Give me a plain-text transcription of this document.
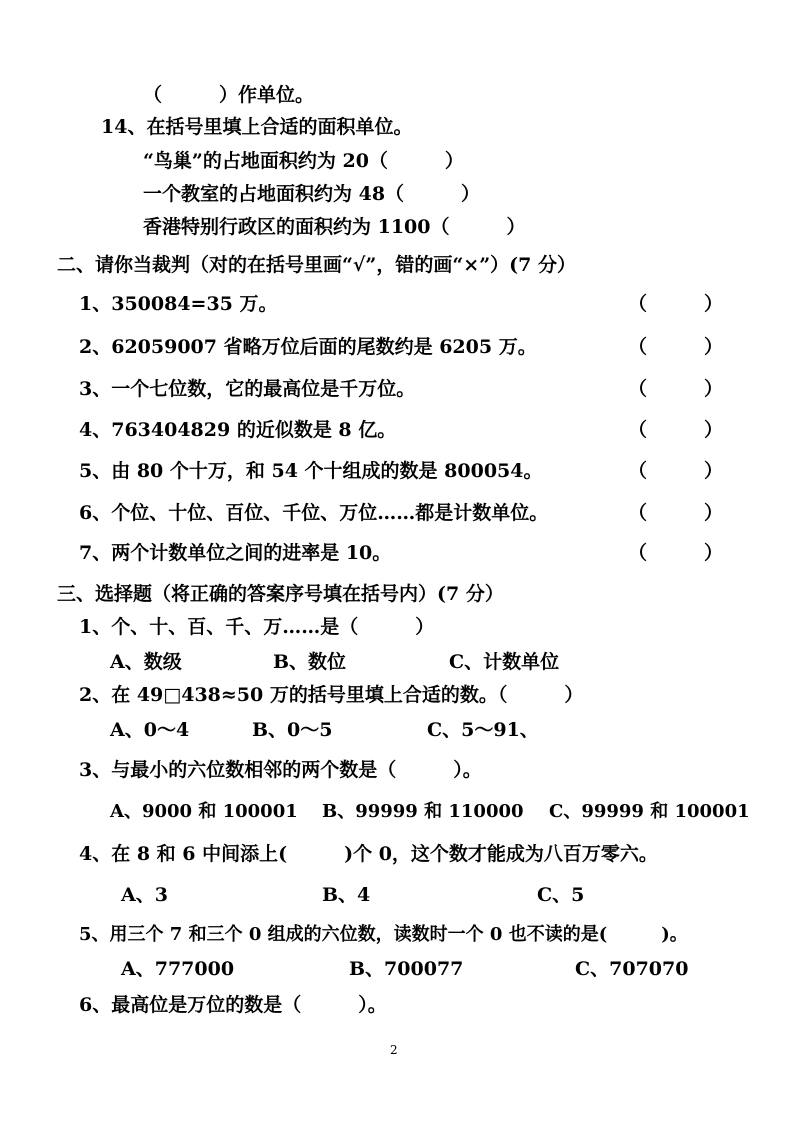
（　　　）作单位。
14、在括号里填上合适的面积单位。
“鸟巢”的占地面积约为 20（　　　）
一个教室的占地面积约为 48（　　　）
香港特别行政区的面积约为 1100（　　　）
二、请你当裁判（对的在括号里画“√”，错的画“×”）(7 分）
1、350084=35 万。	（　　　）
2、62059007 省略万位后面的尾数约是 6205 万。	（　　　）
3、一个七位数，它的最高位是千万位。	（　　　）
4、763404829 的近似数是 8 亿。	（　　　）
5、由 80 个十万，和 54 个十组成的数是 800054。	（　　　）
6、个位、十位、百位、千位、万位……都是计数单位。	（　　　）
7、两个计数单位之间的进率是 10。	（　　　）
三、选择题（将正确的答案序号填在括号内）(7 分）
1、个、十、百、千、万……是（　　　）
A、数级	B、数位	C、计数单位
2、在 49□438≈50 万的括号里填上合适的数。（　　　）
A、0～4	B、0～5	C、5～91、
3、与最小的六位数相邻的两个数是（　　　）。
A、9000 和 100001 B、99999 和 110000 C、99999 和 100001
4、在 8 和 6 中间添上(　　　)个 0，这个数才能成为八百万零六。
A、3	B、4	C、5
5、用三个 7 和三个 0 组成的六位数，读数时一个 0 也不读的是(　　　)。
A、777000	B、700077	C、707070
6、最高位是万位的数是（　　　）。
2
